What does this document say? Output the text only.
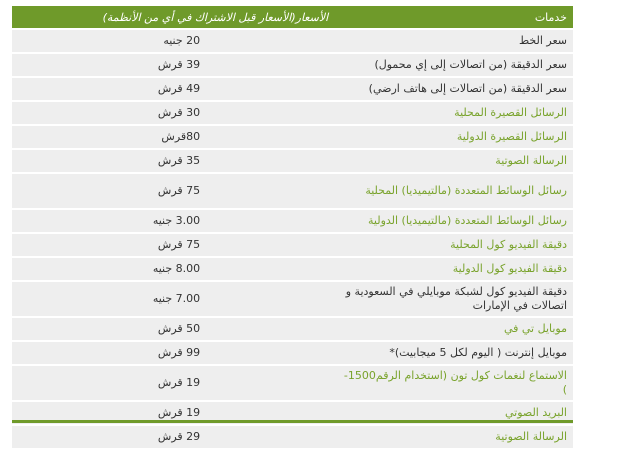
خدمات	الأسعار(الأسعار قبل الاشتراك في أي من الأنظمة)
سعر الخط	20 جنيه
سعر الدقيقة (من اتصالات إلى إي محمول)	39 قرش
سعر الدقيقة (من اتصالات إلى هاتف ارضي)	49 قرش
الرسائل القصيرة المحلية	30 قرش
الرسائل القصيرة الدولية	80قرش
الرسالة الصوتية	35 قرش
رسائل الوسائط المتعددة (مالتيميديا) المحلية	75 قرش
رسائل الوسائط المتعددة (مالتيميديا) الدولية	3.00 جنيه
دقيقة الفيديو كول المحلية	75 قرش
دقيقة الفيديو كول الدولية	8.00 جنيه
دقيقة الفيديو كول لشبكة موبايلي في السعودية و اتصالات في الإمارات	7.00 جنيه
موبايل تي في	50 قرش
موبايل إنترنت ( اليوم لكل 5 ميجابيت)*	99 قرش
الاستماع لنغمات كول تون (استخدام الرقم1500- )	19 قرش
البريد الصوتي	19 قرش
الرسالة الصوتية	29 قرش
